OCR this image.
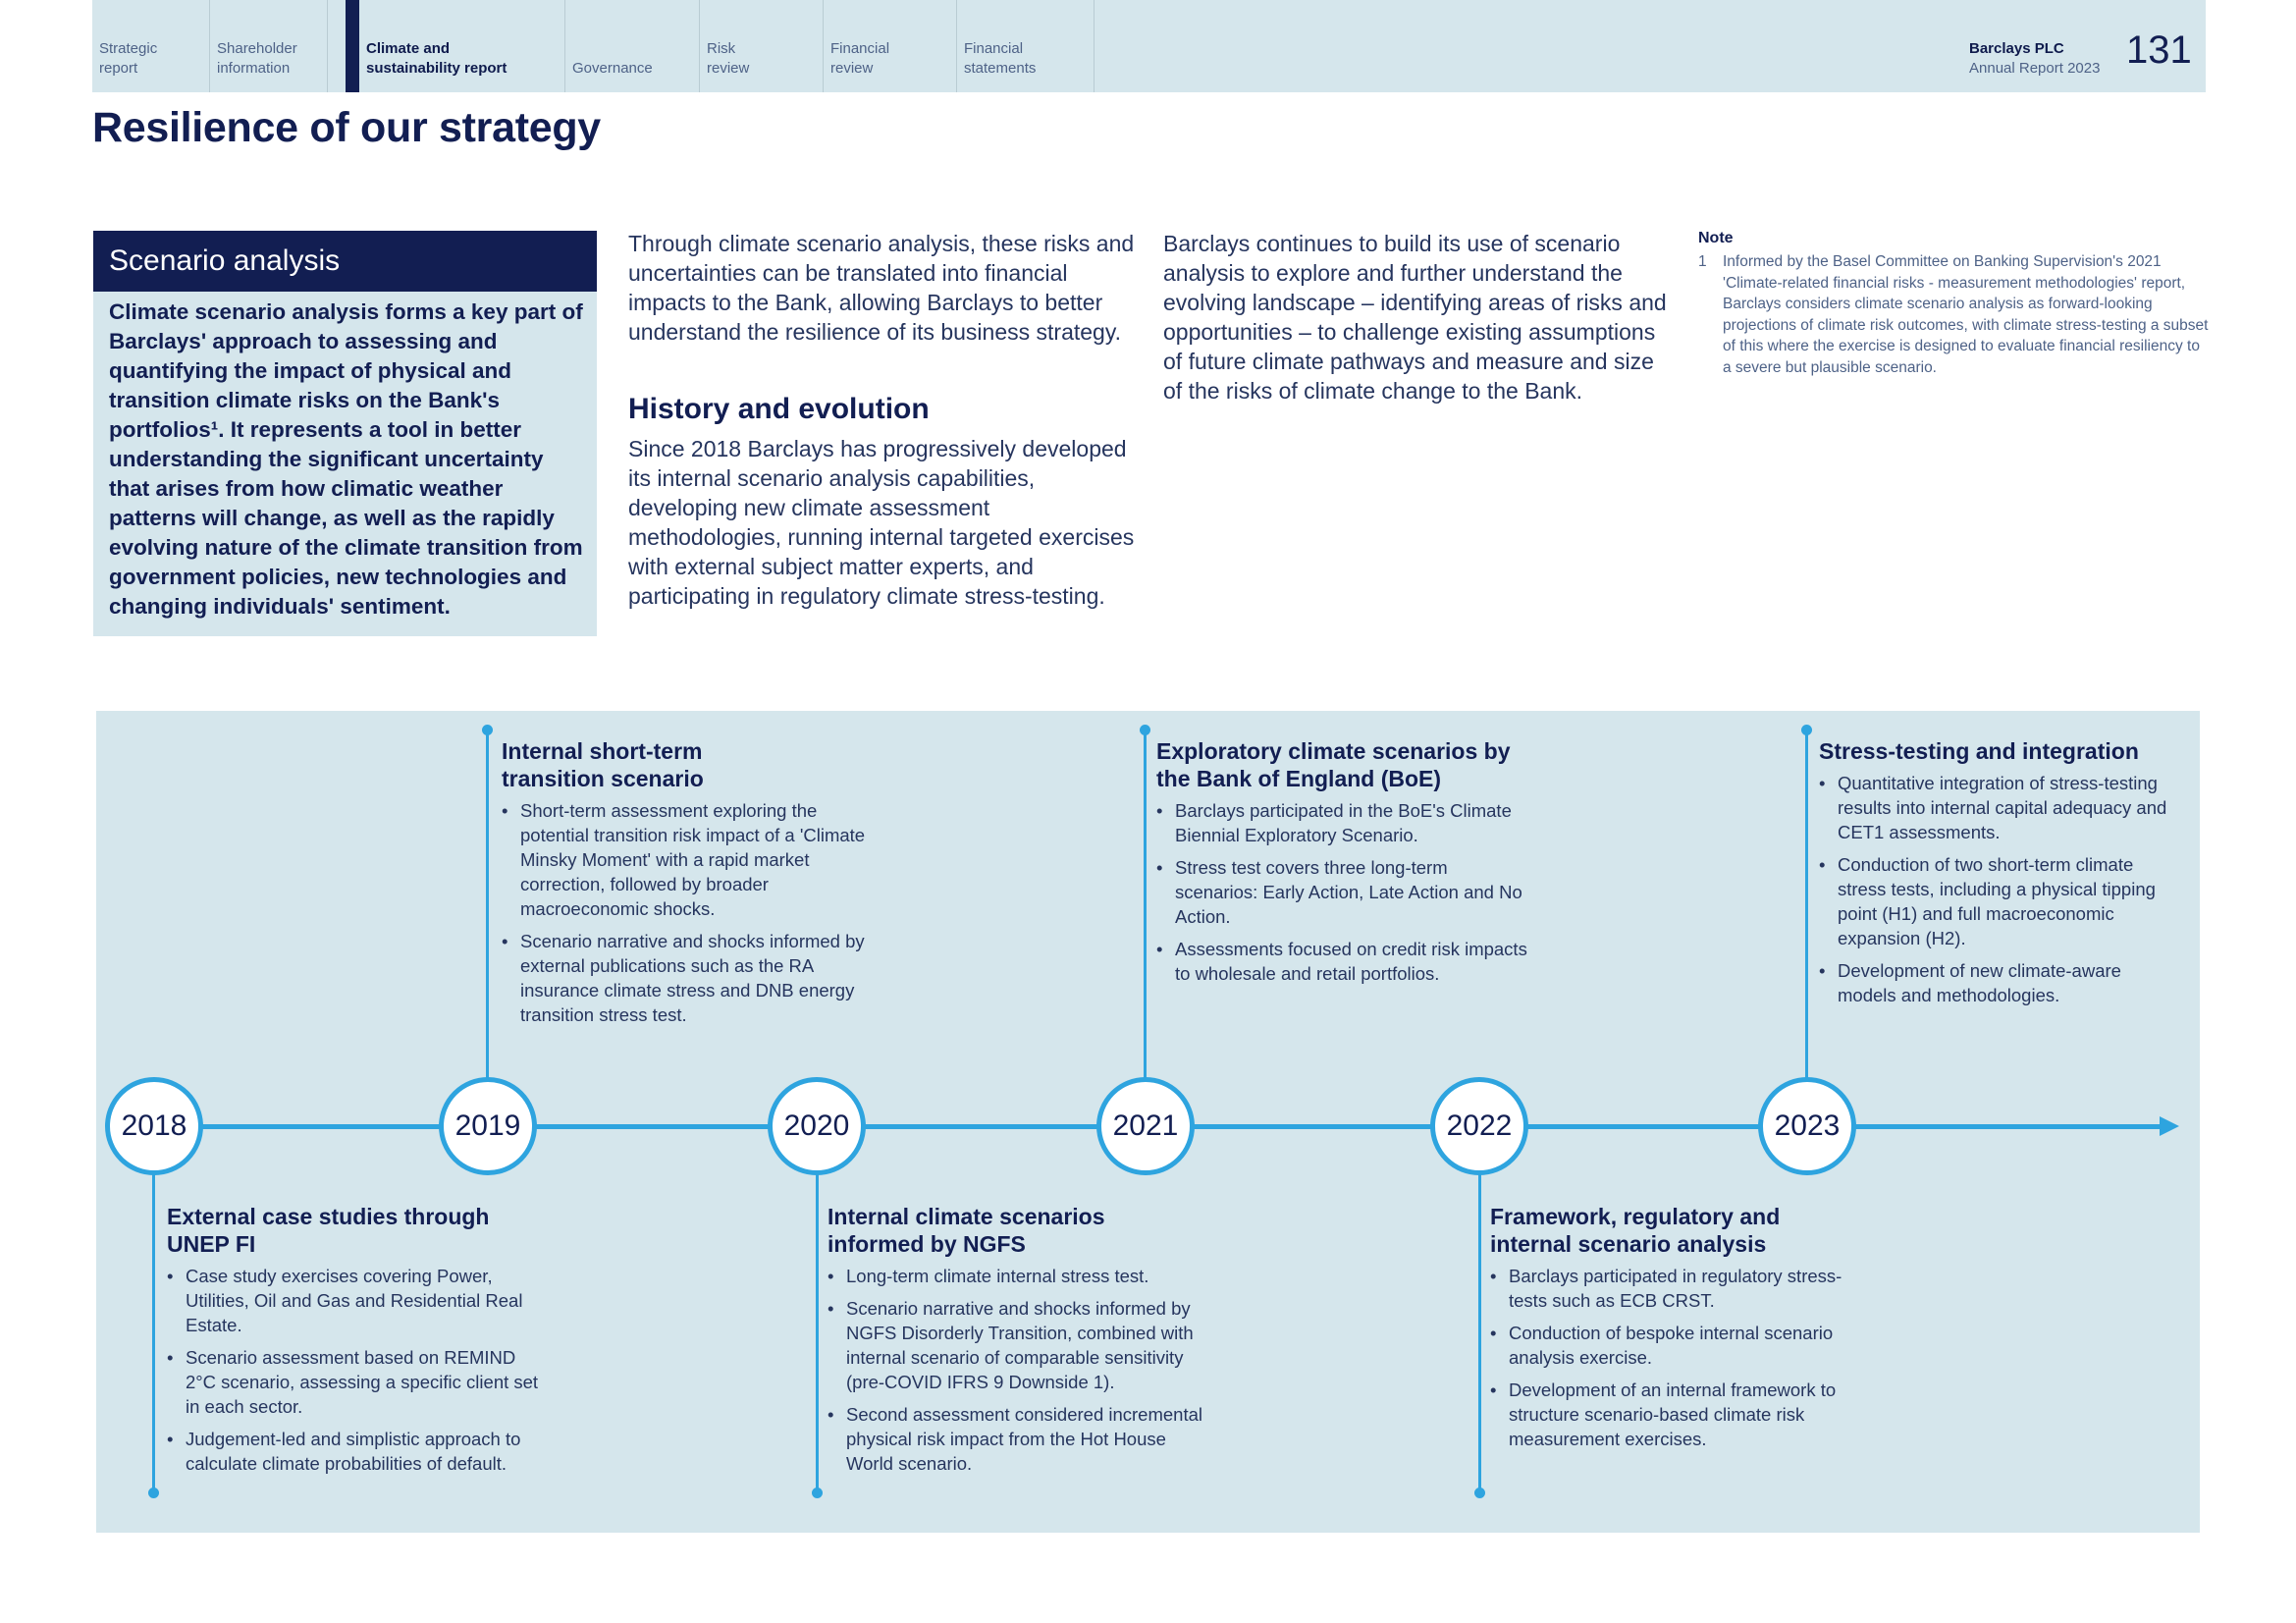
Strategic
report
Shareholder
information
Climate and
sustainability report
	Governance
Risk
review
Financial
review
Financial
statements
Barclays PLC
Annual Report 2023 131
Resilience of our strategy
Scenario analysis
Climate scenario analysis forms a key part of Barclays' approach to assessing and quantifying the impact of physical and transition climate risks on the Bank's portfolios¹. It represents a tool in better understanding the significant uncertainty that arises from how climatic weather patterns will change, as well as the rapidly evolving nature of the climate transition from government policies, new technologies and changing individuals' sentiment.
Through climate scenario analysis, these risks and uncertainties can be translated into financial impacts to the Bank, allowing Barclays to better understand the resilience of its business strategy.
History and evolution
Since 2018 Barclays has progressively developed its internal scenario analysis capabilities, developing new climate assessment methodologies, running internal targeted exercises with external subject matter experts, and participating in regulatory climate stress-testing.
Barclays continues to build its use of scenario analysis to explore and further understand the evolving landscape – identifying areas of risks and opportunities – to challenge existing assumptions of future climate pathways and measure and size of the risks of climate change to the Bank.
Note
1 Informed by the Basel Committee on Banking Supervision's 2021 'Climate-related financial risks - measurement methodologies' report, Barclays considers climate scenario analysis as forward-looking projections of climate risk outcomes, with climate stress-testing a subset of this where the exercise is designed to evaluate financial resiliency to a severe but plausible scenario.
2018	2019	2020	2021	2022	2023
External case studies through UNEP FI
• Case study exercises covering Power, Utilities, Oil and Gas and Residential Real Estate.
• Scenario assessment based on REMIND 2°C scenario, assessing a specific client set in each sector.
• Judgement-led and simplistic approach to calculate climate probabilities of default.
Internal short-term transition scenario
• Short-term assessment exploring the potential transition risk impact of a 'Climate Minsky Moment' with a rapid market correction, followed by broader macroeconomic shocks.
• Scenario narrative and shocks informed by external publications such as the RA insurance climate stress and DNB energy transition stress test.
Internal climate scenarios informed by NGFS
• Long-term climate internal stress test.
• Scenario narrative and shocks informed by NGFS Disorderly Transition, combined with internal scenario of comparable sensitivity (pre-COVID IFRS 9 Downside 1).
• Second assessment considered incremental physical risk impact from the Hot House World scenario.
Exploratory climate scenarios by the Bank of England (BoE)
• Barclays participated in the BoE's Climate Biennial Exploratory Scenario.
• Stress test covers three long-term scenarios: Early Action, Late Action and No Action.
• Assessments focused on credit risk impacts to wholesale and retail portfolios.
Framework, regulatory and internal scenario analysis
• Barclays participated in regulatory stress-tests such as ECB CRST.
• Conduction of bespoke internal scenario analysis exercise.
• Development of an internal framework to structure scenario-based climate risk measurement exercises.
Stress-testing and integration
• Quantitative integration of stress-testing results into internal capital adequacy and CET1 assessments.
• Conduction of two short-term climate stress tests, including a physical tipping point (H1) and full macroeconomic expansion (H2).
• Development of new climate-aware models and methodologies.
